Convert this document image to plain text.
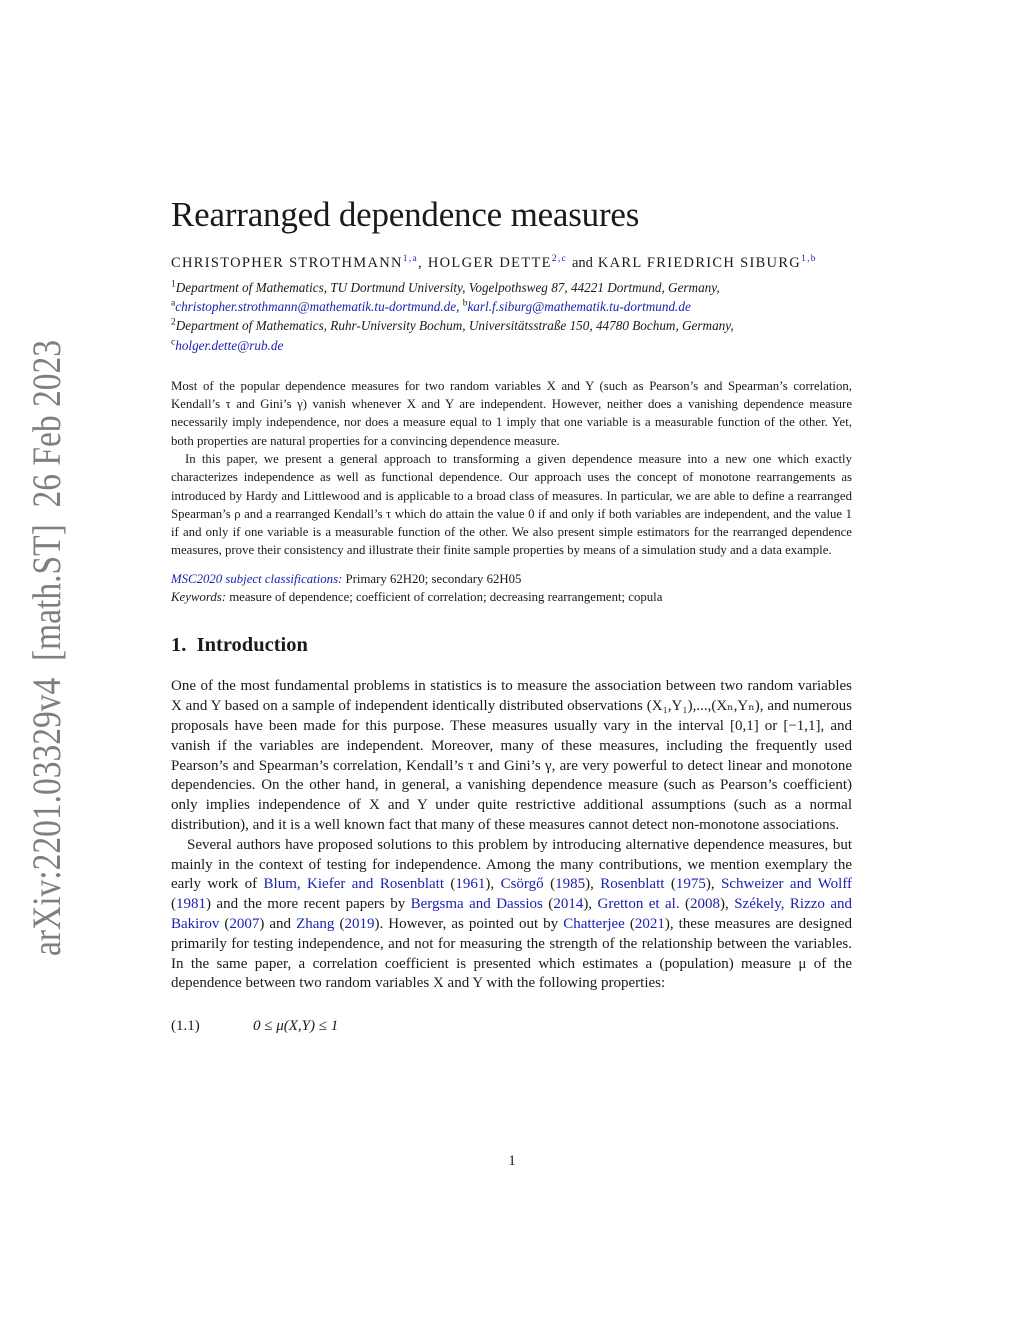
arXiv:2201.03329v4  [math.ST]  26 Feb 2023
Rearranged dependence measures
CHRISTOPHER STROTHMANN$^{1,a}$, HOLGER DETTE$^{2,c}$ and KARL FRIEDRICH SIBURG$^{1,b}$
$^1$Department of Mathematics, TU Dortmund University, Vogelpothsweg 87, 44221 Dortmund, Germany,
$^a$christopher.strothmann@mathematik.tu-dortmund.de, $^b$karl.f.siburg@mathematik.tu-dortmund.de
$^2$Department of Mathematics, Ruhr-University Bochum, Universitätsstraße 150, 44780 Bochum, Germany,
$^c$holger.dette@rub.de

Most of the popular dependence measures for two random variables X and Y (such as Pearson’s and Spearman’s correlation, Kendall’s τ and Gini’s γ) vanish whenever X and Y are independent. However, neither does a vanishing dependence measure necessarily imply independence, nor does a measure equal to 1 imply that one variable is a measurable function of the other. Yet, both properties are natural properties for a convincing dependence measure.

In this paper, we present a general approach to transforming a given dependence measure into a new one which exactly characterizes independence as well as functional dependence. Our approach uses the concept of monotone rearrangements as introduced by Hardy and Littlewood and is applicable to a broad class of measures. In particular, we are able to define a rearranged Spearman’s ρ and a rearranged Kendall’s τ which do attain the value 0 if and only if both variables are independent, and the value 1 if and only if one variable is a measurable function of the other. We also present simple estimators for the rearranged dependence measures, prove their consistency and illustrate their finite sample properties by means of a simulation study and a data example.

MSC2020 subject classifications: Primary 62H20; secondary 62H05
Keywords: measure of dependence; coefficient of correlation; decreasing rearrangement; copula
1. Introduction

One of the most fundamental problems in statistics is to measure the association between two random variables X and Y based on a sample of independent identically distributed observations (X₁,Y₁),...,(Xₙ,Yₙ), and numerous proposals have been made for this purpose. These measures usually vary in the interval [0,1] or [−1,1], and vanish if the variables are independent. Moreover, many of these measures, including the frequently used Pearson’s and Spearman’s correlation, Kendall’s τ and Gini’s γ, are very powerful to detect linear and monotone dependencies. On the other hand, in general, a vanishing dependence measure (such as Pearson’s coefficient) only implies independence of X and Y under quite restrictive additional assumptions (such as a normal distribution), and it is a well known fact that many of these measures cannot detect non-monotone associations.

Several authors have proposed solutions to this problem by introducing alternative dependence measures, but mainly in the context of testing for independence. Among the many contributions, we mention exemplary the early work of Blum, Kiefer and Rosenblatt (1961), Csörgő (1985), Rosenblatt (1975), Schweizer and Wolff (1981) and the more recent papers by Bergsma and Dassios (2014), Gretton et al. (2008), Székely, Rizzo and Bakirov (2007) and Zhang (2019). However, as pointed out by Chatterjee (2021), these measures are designed primarily for testing independence, and not for measuring the strength of the relationship between the variables. In the same paper, a correlation coefficient is presented which estimates a (population) measure μ of the dependence between two random variables X and Y with the following properties:

(1.1)	0 ≤ μ(X,Y) ≤ 1
1
